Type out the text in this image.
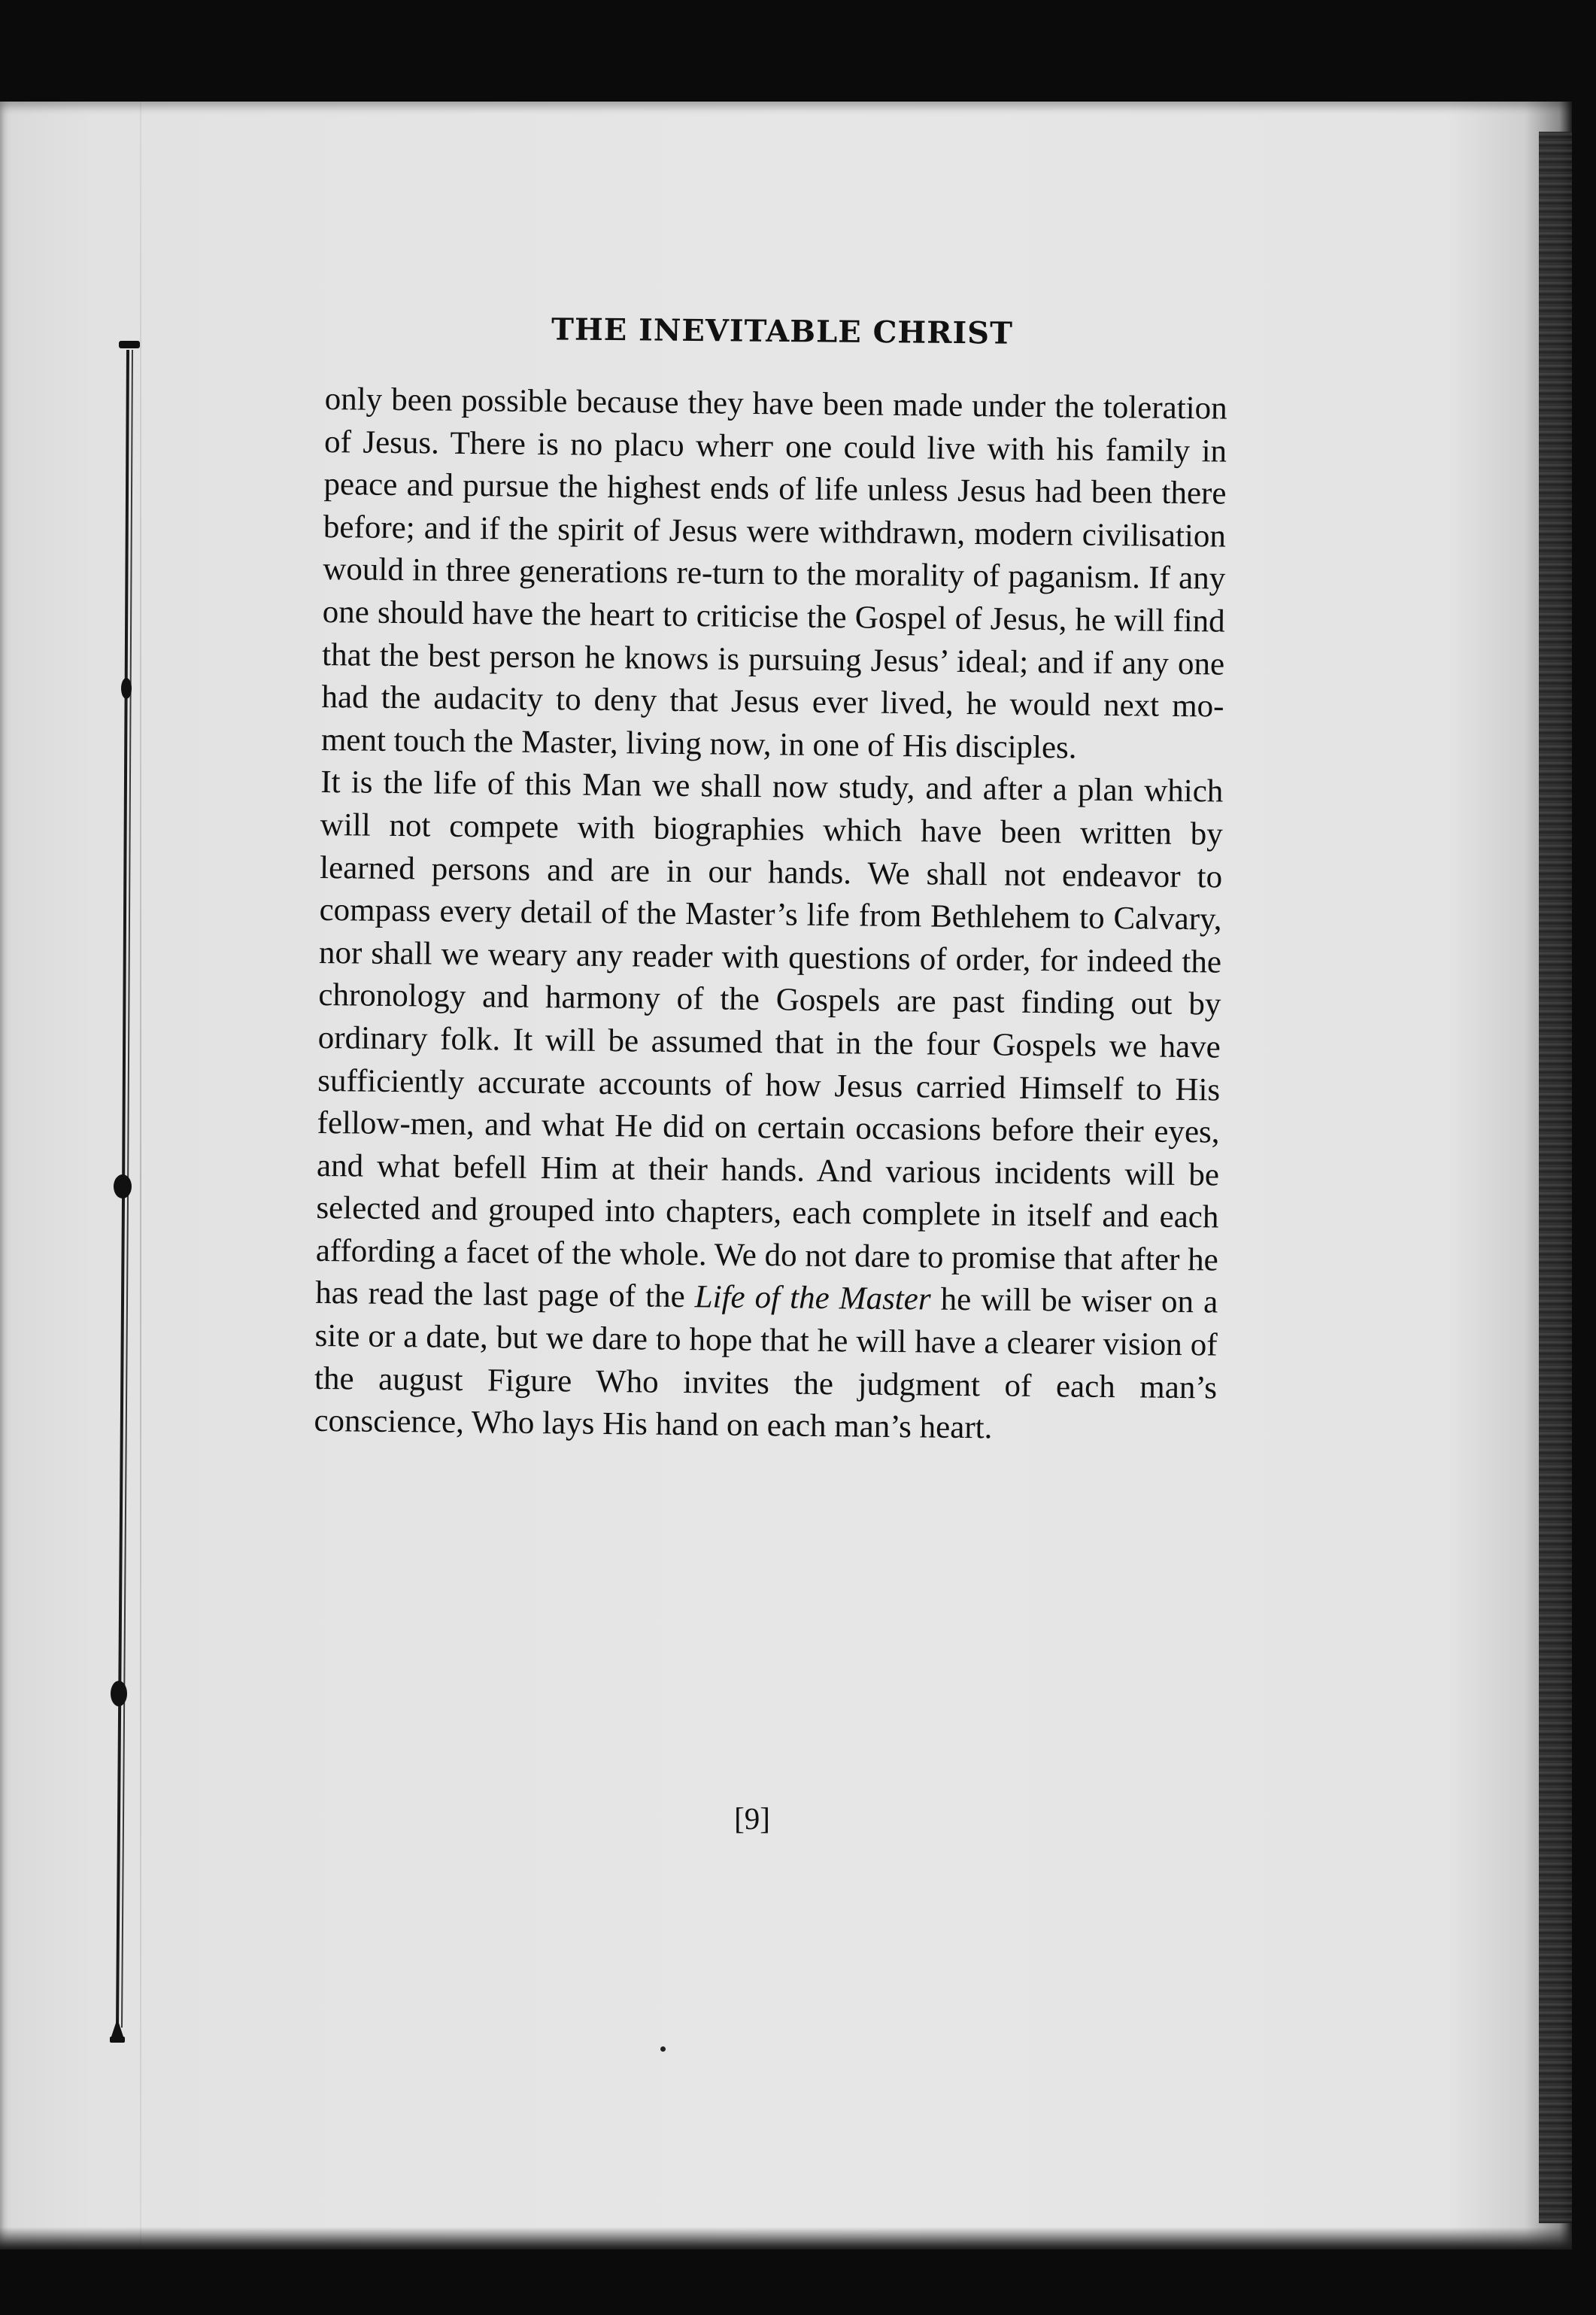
THE INEVITABLE CHRIST

only been possible because they have been made under the toleration of Jesus. There is no placυ wherг one could live with his family in peace and pursue the highest ends of life unless Jesus had been there before; and if the spirit of Jesus were withdrawn, modern civilisation would in three generations re-turn to the morality of paganism. If any one should have the heart to criticise the Gospel of Jesus, he will find that the best person he knows is pursuing Jesus’ ideal; and if any one had the audacity to deny that Jesus ever lived, he would next mo-ment touch the Master, living now, in one of His disciples.

It is the life of this Man we shall now study, and after a plan which will not compete with biographies which have been written by learned persons and are in our hands. We shall not endeavor to compass every detail of the Master’s life from Bethlehem to Calvary, nor shall we weary any reader with questions of order, for indeed the chronology and harmony of the Gospels are past finding out by ordinary folk. It will be assumed that in the four Gospels we have sufficiently accurate accounts of how Jesus carried Himself to His fellow-men, and what He did on certain occasions before their eyes, and what befell Him at their hands. And various incidents will be selected and grouped into chapters, each complete in itself and each affording a facet of the whole. We do not dare to promise that after he has read the last page of the Life of the Master he will be wiser on a site or a date, but we dare to hope that he will have a clearer vision of the august Figure Who invites the judgment of each man’s conscience, Who lays His hand on each man’s heart.

[9]
